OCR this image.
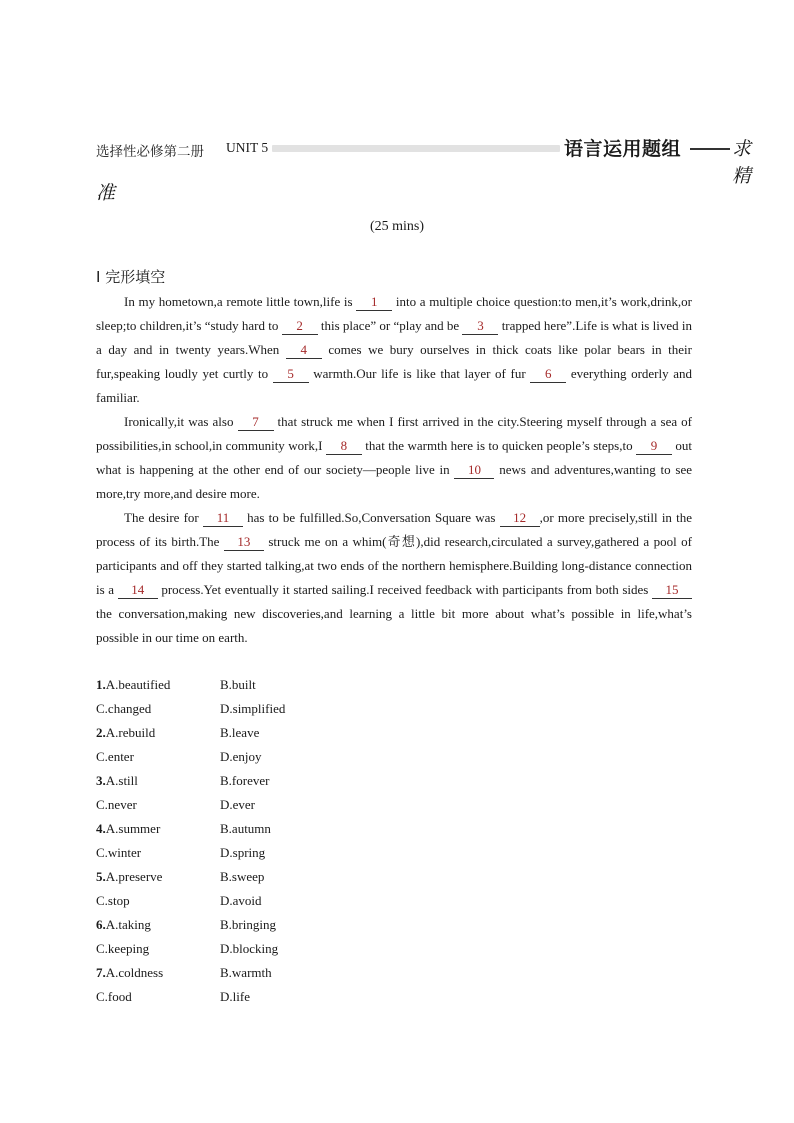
选择性必修第二册 UNIT 5	语言运用题组	求精
准
(25 mins)
Ⅰ 完形填空

In my hometown,a remote little town,life is 1 into a multiple choice question:to men,it’s work,drink,or sleep;to children,it’s “study hard to 2 this place” or “play and be 3 trapped here”.Life is what is lived in a day and in twenty years.When 4 comes we bury ourselves in thick coats like polar bears in their fur,speaking loudly yet curtly to 5 warmth.Our life is like that layer of fur 6 everything orderly and familiar.

Ironically,it was also 7 that struck me when I first arrived in the city.Steering myself through a sea of possibilities,in school,in community work,I 8 that the warmth here is to quicken people’s steps,to 9 out what is happening at the other end of our society—people live in 10 news and adventures,wanting to see more,try more,and desire more.

The desire for 11 has to be fulfilled.So,Conversation Square was 12 ,or more precisely,still in the process of its birth.The 13 struck me on a whim(奇想),did research,circulated a survey,gathered a pool of participants and off they started talking,at two ends of the northern hemisphere.Building long-distance connection is a 14 process.Yet eventually it started sailing.I received feedback with participants from both sides 15 the conversation,making new discoveries,and learning a little bit more about what’s possible in life,what’s possible in our time on earth.

1.A.beautified	B.built
C.changed	D.simplified
2.A.rebuild	B.leave
C.enter	D.enjoy
3.A.still	B.forever
C.never	D.ever
4.A.summer	B.autumn
C.winter	D.spring
5.A.preserve	B.sweep
C.stop	D.avoid
6.A.taking	B.bringing
C.keeping	D.blocking
7.A.coldness	B.warmth
C.food	D.life
